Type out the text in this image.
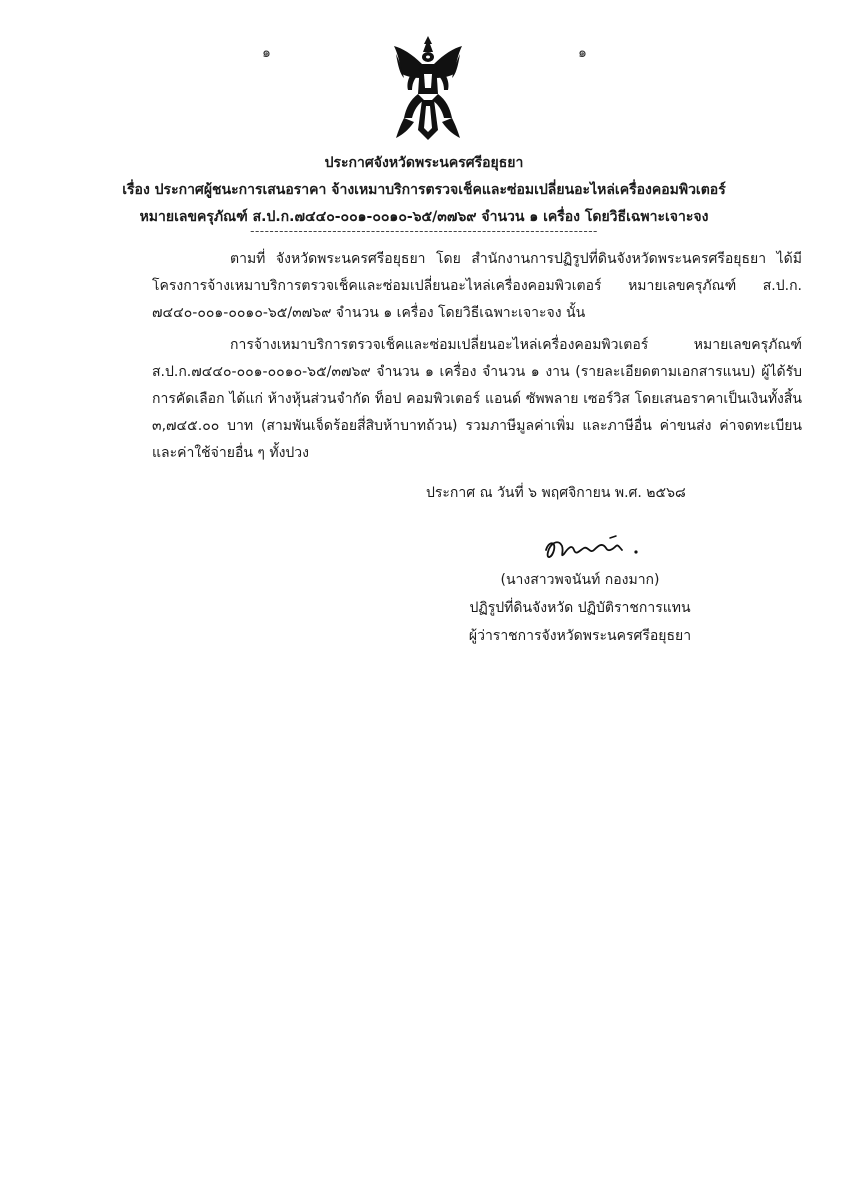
๑	๑
ประกาศจังหวัดพระนครศรีอยุธยา
เรื่อง ประกาศผู้ชนะการเสนอราคา จ้างเหมาบริการตรวจเช็คและซ่อมเปลี่ยนอะไหล่เครื่องคอมพิวเตอร์
หมายเลขครุภัณฑ์ ส.ป.ก.๗๔๔๐-๐๐๑-๐๐๑๐-๖๕/๓๗๖๙ จำนวน ๑ เครื่อง โดยวิธีเฉพาะเจาะจง
------------------------------------------------------------------------
ตามที่ จังหวัดพระนครศรีอยุธยา โดย สำนักงานการปฏิรูปที่ดินจังหวัดพระนครศรีอยุธยา ได้มีโครงการจ้างเหมาบริการตรวจเช็คและซ่อมเปลี่ยนอะไหล่เครื่องคอมพิวเตอร์ หมายเลขครุภัณฑ์ ส.ป.ก. ๗๔๔๐-๐๐๑-๐๐๑๐-๖๕/๓๗๖๙ จำนวน ๑ เครื่อง โดยวิธีเฉพาะเจาะจง นั้น
การจ้างเหมาบริการตรวจเช็คและซ่อมเปลี่ยนอะไหล่เครื่องคอมพิวเตอร์ หมายเลขครุภัณฑ์ ส.ป.ก.๗๔๔๐-๐๐๑-๐๐๑๐-๖๕/๓๗๖๙ จำนวน ๑ เครื่อง จำนวน ๑ งาน (รายละเอียดตามเอกสารแนบ) ผู้ได้รับการคัดเลือก ได้แก่ ห้างหุ้นส่วนจำกัด ท็อป คอมพิวเตอร์ แอนด์ ซัพพลาย เซอร์วิส โดยเสนอราคาเป็นเงินทั้งสิ้น ๓,๗๔๕.๐๐ บาท (สามพันเจ็ดร้อยสี่สิบห้าบาทถ้วน) รวมภาษีมูลค่าเพิ่ม และภาษีอื่น ค่าขนส่ง ค่าจดทะเบียน และค่าใช้จ่ายอื่น ๆ ทั้งปวง
ประกาศ ณ วันที่ ๖ พฤศจิกายน พ.ศ. ๒๕๖๘
(นางสาวพจนันท์ กองมาก)
ปฏิรูปที่ดินจังหวัด ปฏิบัติราชการแทน
ผู้ว่าราชการจังหวัดพระนครศรีอยุธยา
